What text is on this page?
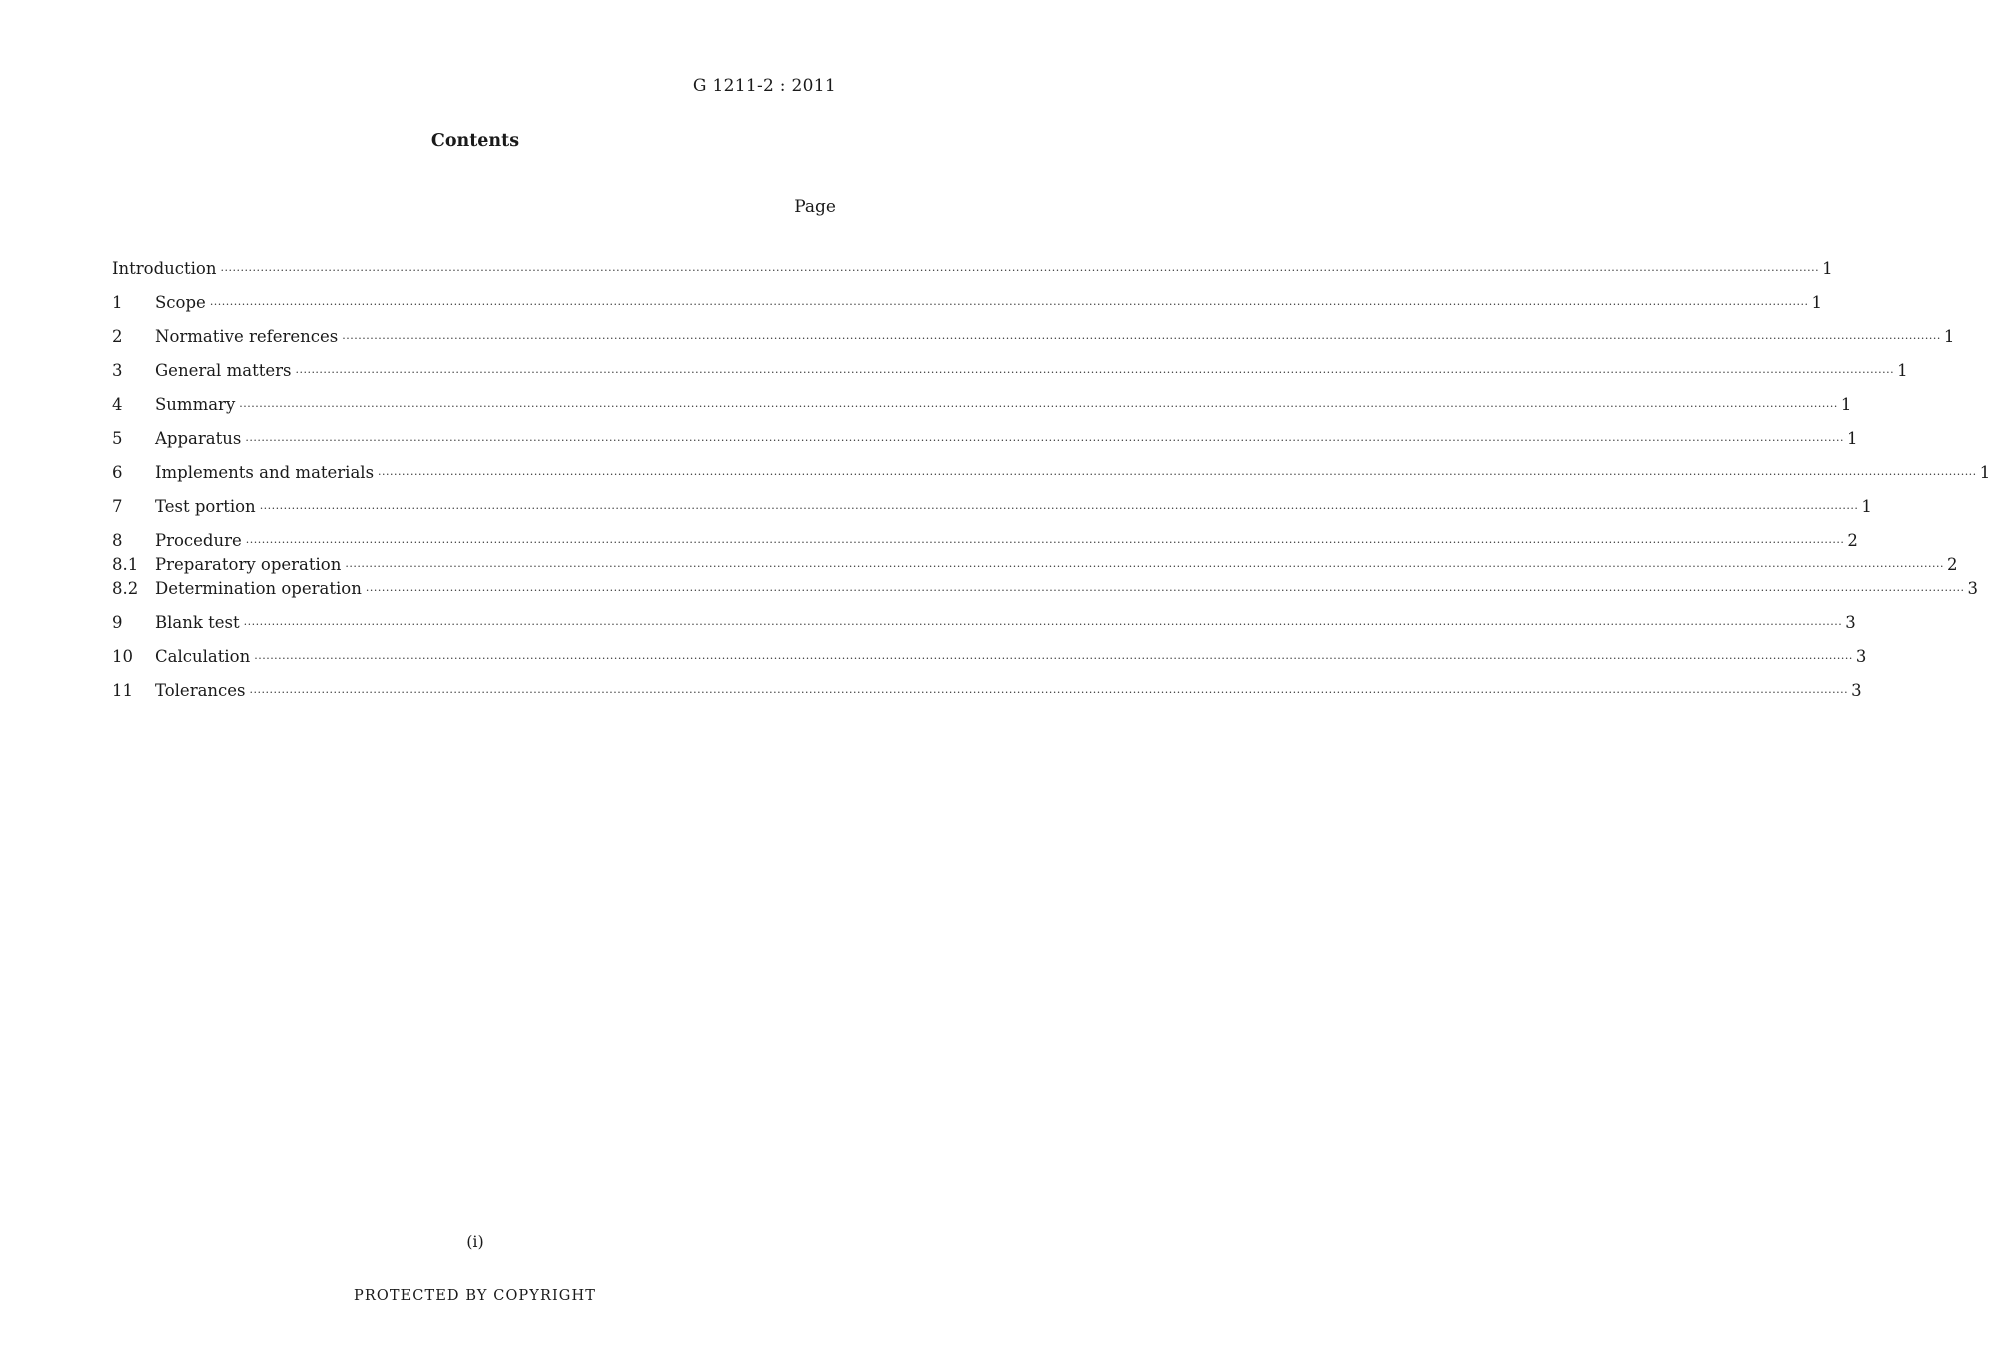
G 1211-2 : 2011
Contents
Page
Introduction ················································································································································································································································································································································································································ 1
1	Scope ················································································································································································································································································································································································································ 1
2	Normative references ················································································································································································································································································································································································································ 1
3	General matters ················································································································································································································································································································································································································ 1
4	Summary ················································································································································································································································································································································································································ 1
5	Apparatus ················································································································································································································································································································································································································ 1
6	Implements and materials ················································································································································································································································································································································································································ 1
7	Test portion ················································································································································································································································································································································································································ 1
8	Procedure ················································································································································································································································································································································································································ 2
8.1	Preparatory operation ················································································································································································································································································································································································································ 2
8.2	Determination operation ················································································································································································································································································································································································································ 3
9	Blank test ················································································································································································································································································································································································································ 3
10	Calculation ················································································································································································································································································································································································································ 3
11	Tolerances ················································································································································································································································································································································································································ 3
(i)
PROTECTED BY COPYRIGHT
